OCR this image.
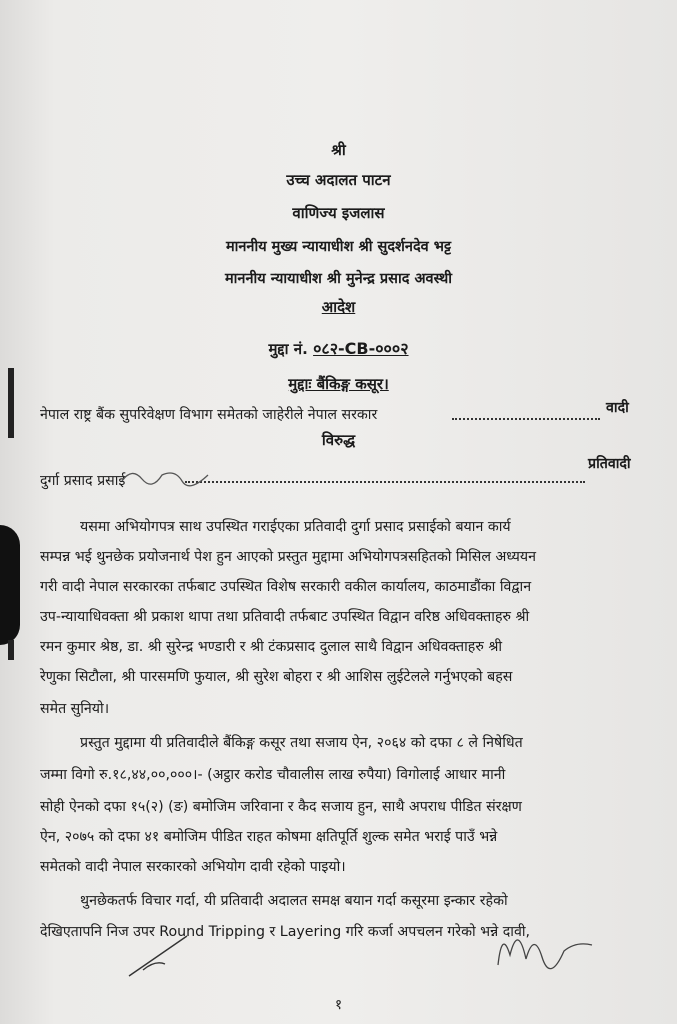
श्री
उच्च अदालत पाटन
वाणिज्य इजलास
माननीय मुख्य न्यायाधीश श्री सुदर्शनदेव भट्ट
माननीय न्यायाधीश श्री मुनेन्द्र प्रसाद अवस्थी
आदेश
मुद्दा नं. ०८२-CB-०००२
मुद्दाः बैंकिङ्ग कसूर।
नेपाल राष्ट्र बैंक सुपरिवेक्षण विभाग समेतको जाहेरीले नेपाल सरकार	वादी
विरुद्ध
दुर्गा प्रसाद प्रसाई
प्रतिवादी
यसमा अभियोगपत्र साथ उपस्थित गराईएका प्रतिवादी दुर्गा प्रसाद प्रसाईको बयान कार्य
सम्पन्न भई थुनछेक प्रयोजनार्थ पेश हुन आएको प्रस्तुत मुद्दामा अभियोगपत्रसहितको मिसिल अध्ययन
गरी वादी नेपाल सरकारका तर्फबाट उपस्थित विशेष सरकारी वकील कार्यालय, काठमाडौंका विद्वान
उप-न्यायाधिवक्ता श्री प्रकाश थापा तथा प्रतिवादी तर्फबाट उपस्थित विद्वान वरिष्ठ अधिवक्ताहरु श्री
रमन कुमार श्रेष्ठ, डा. श्री सुरेन्द्र भण्डारी र श्री टंकप्रसाद दुलाल साथै विद्वान अधिवक्ताहरु श्री
रेणुका सिटौला, श्री पारसमणि फुयाल, श्री सुरेश बोहरा र श्री आशिस लुईटेलले गर्नुभएको बहस
समेत सुनियो।
प्रस्तुत मुद्दामा यी प्रतिवादीले बैंकिङ्ग कसूर तथा सजाय ऐन, २०६४ को दफा ८ ले निषेधित
जम्मा विगो रु.१८,४४,००,०००।- (अट्ठार करोड चौवालीस लाख रुपैया) विगोलाई आधार मानी
सोही ऐनको दफा १५(२) (ङ) बमोजिम जरिवाना र कैद सजाय हुन, साथै अपराध पीडित संरक्षण
ऐन, २०७५ को दफा ४१ बमोजिम पीडित राहत कोषमा क्षतिपूर्ति शुल्क समेत भराई पाउँ भन्ने
समेतको वादी नेपाल सरकारको अभियोग दावी रहेको पाइयो।
थुनछेकतर्फ विचार गर्दा, यी प्रतिवादी अदालत समक्ष बयान गर्दा कसूरमा इन्कार रहेको
देखिएतापनि निज उपर Round Tripping र Layering गरि कर्जा अपचलन गरेको भन्ने दावी,
१
